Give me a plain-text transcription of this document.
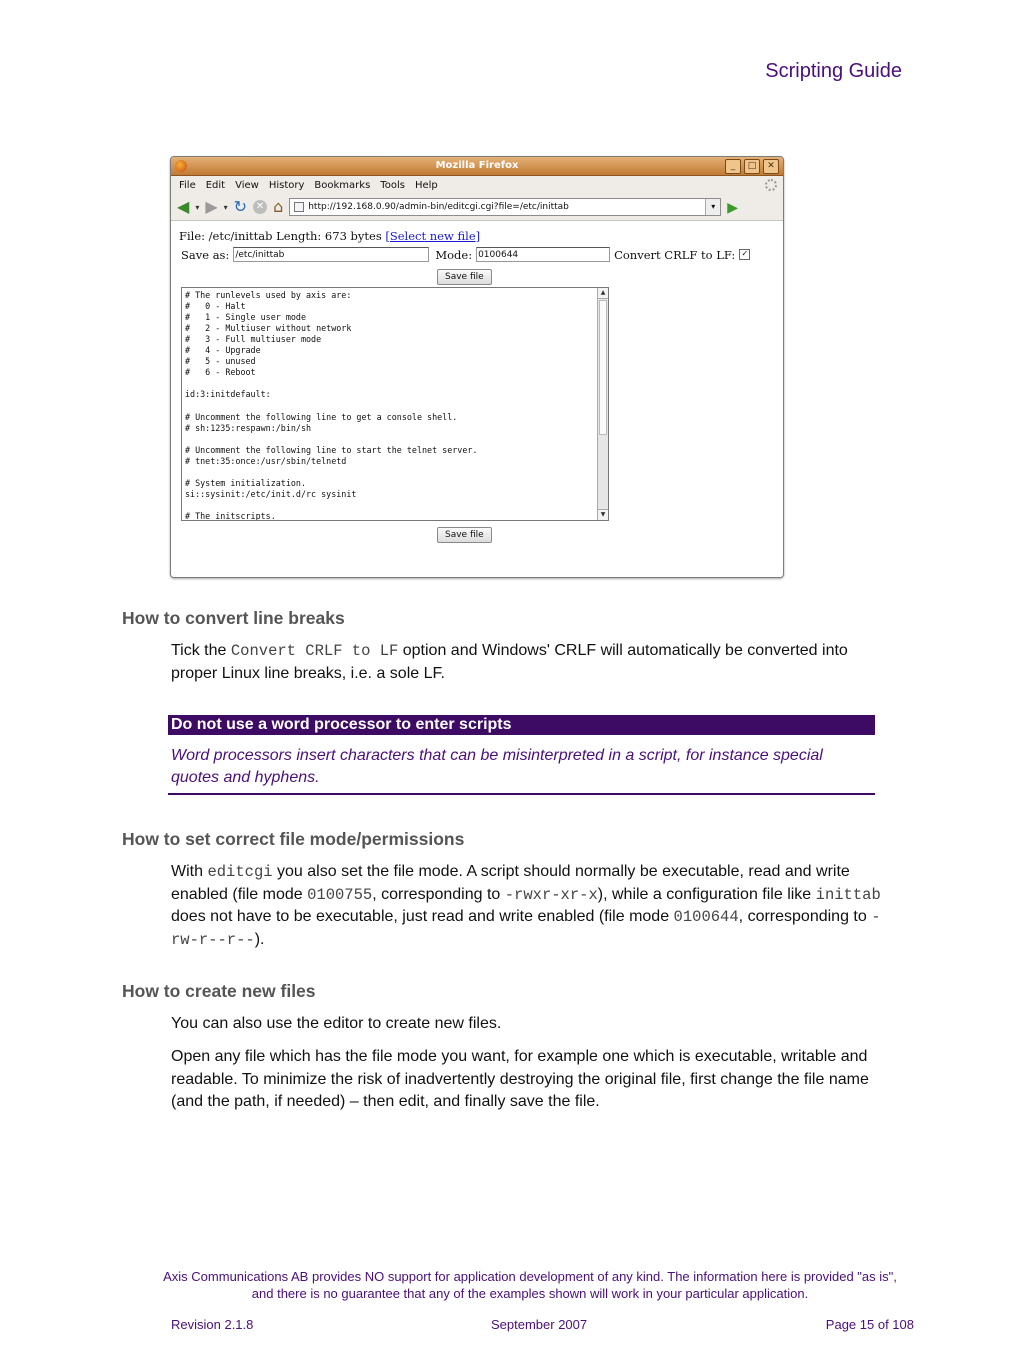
Scripting Guide
Mozilla Firefox	_	□	✕
File Edit View History Bookmarks Tools Help
◀ ▾ ▶ ▾ ↻ ✕ ⌂	http://192.168.0.90/admin-bin/editcgi.cgi?file=/etc/inittab	▾ ▶
File: /etc/inittab Length: 673 bytes [Select new file]
Save as: /etc/inittab	Mode: 0100644	Convert CRLF to LF: ✓
Save file
# The runlevels used by axis are:
#   0 - Halt
#   1 - Single user mode
#   2 - Multiuser without network
#   3 - Full multiuser mode
#   4 - Upgrade
#   5 - unused
#   6 - Reboot

id:3:initdefault:

# Uncomment the following line to get a console shell.
# sh:1235:respawn:/bin/sh

# Uncomment the following line to start the telnet server.
# tnet:35:once:/usr/sbin/telnetd

# System initialization.
si::sysinit:/etc/init.d/rc sysinit

# The initscripts.
▲
▼
Save file
How to convert line breaks

Tick the Convert CRLF to LF option and Windows' CRLF will automatically be converted into proper Linux line breaks, i.e. a sole LF.

Do not use a word processor to enter scripts

Word processors insert characters that can be misinterpreted in a script, for instance special quotes and hyphens.

How to set correct file mode/permissions

With editcgi you also set the file mode. A script should normally be executable, read and write enabled (file mode 0100755, corresponding to -rwxr-xr-x), while a configuration file like inittab does not have to be executable, just read and write enabled (file mode 0100644, corresponding to -rw-r--r--).

How to create new files

You can also use the editor to create new files.

Open any file which has the file mode you want, for example one which is executable, writable and readable. To minimize the risk of inadvertently destroying the original file, first change the file name (and the path, if needed) – then edit, and finally save the file.

Axis Communications AB provides NO support for application development of any kind. The information here is provided "as is", and there is no guarantee that any of the examples shown will work in your particular application.

Revision 2.1.8	September 2007	Page 15 of 108
